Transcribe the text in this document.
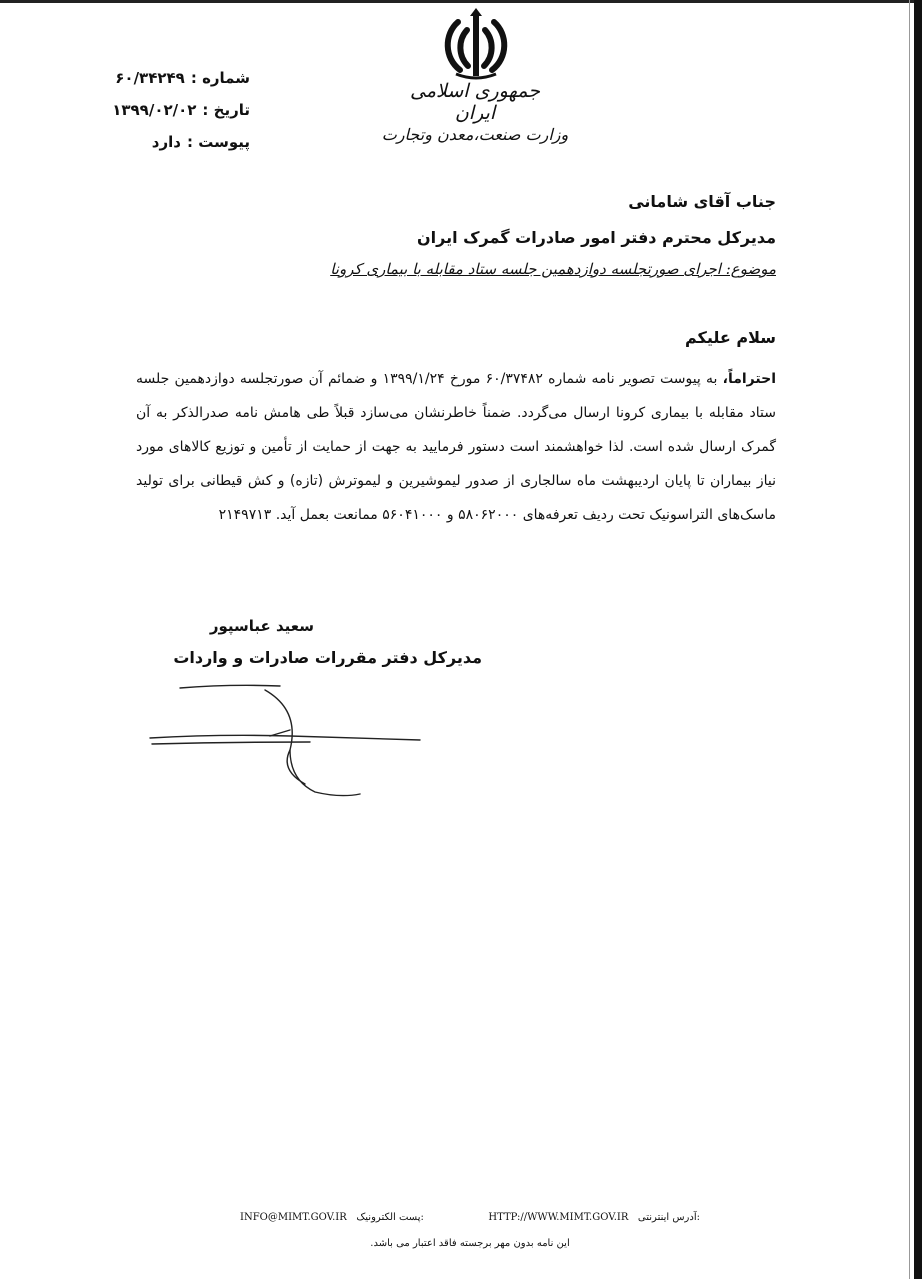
جمهوری اسلامی ایران
وزارت صنعت،معدن وتجارت
شماره :
۶۰/۳۴۲۴۹
تاریخ :
۱۳۹۹/۰۲/۰۲
پیوست :
دارد
جناب آقای شامانی
مدیرکل محترم دفتر امور صادرات گمرک ایران
موضوع: اجرای صورتجلسه دوازدهمین جلسه ستاد مقابله با بیماری کرونا
سلام علیکم
احتراماً، به پیوست تصویر نامه شماره ۶۰/۳۷۴۸۲ مورخ ۱۳۹۹/۱/۲۴ و ضمائم آن صورتجلسه دوازدهمین جلسه ستاد مقابله با بیماری کرونا ارسال می‌گردد. ضمناً خاطرنشان می‌سازد قبلاً طی هامش نامه صدرالذکر به آن گمرک ارسال شده است. لذا خواهشمند است دستور فرمایید به جهت از حمایت از تأمین و توزیع کالاهای مورد نیاز بیماران تا پایان اردیبهشت ماه سالجاری از صدور لیموشیرین و لیموترش (تازه) و کش قیطانی برای تولید ماسک‌های التراسونیک تحت ردیف تعرفه‌های ۵۸۰۶۲۰۰۰ و ۵۶۰۴۱۰۰۰ ممانعت بعمل آید. ۲۱۴۹۷۱۳
سعید عباسپور
مدیرکل دفتر مقررات صادرات و واردات
INFO@MIMT.GOV.IR پست الکترونیک:	HTTP://WWW.MIMT.GOV.IR آدرس اینترنتی:
این نامه بدون مهر برجسته فاقد اعتبار می باشد.
